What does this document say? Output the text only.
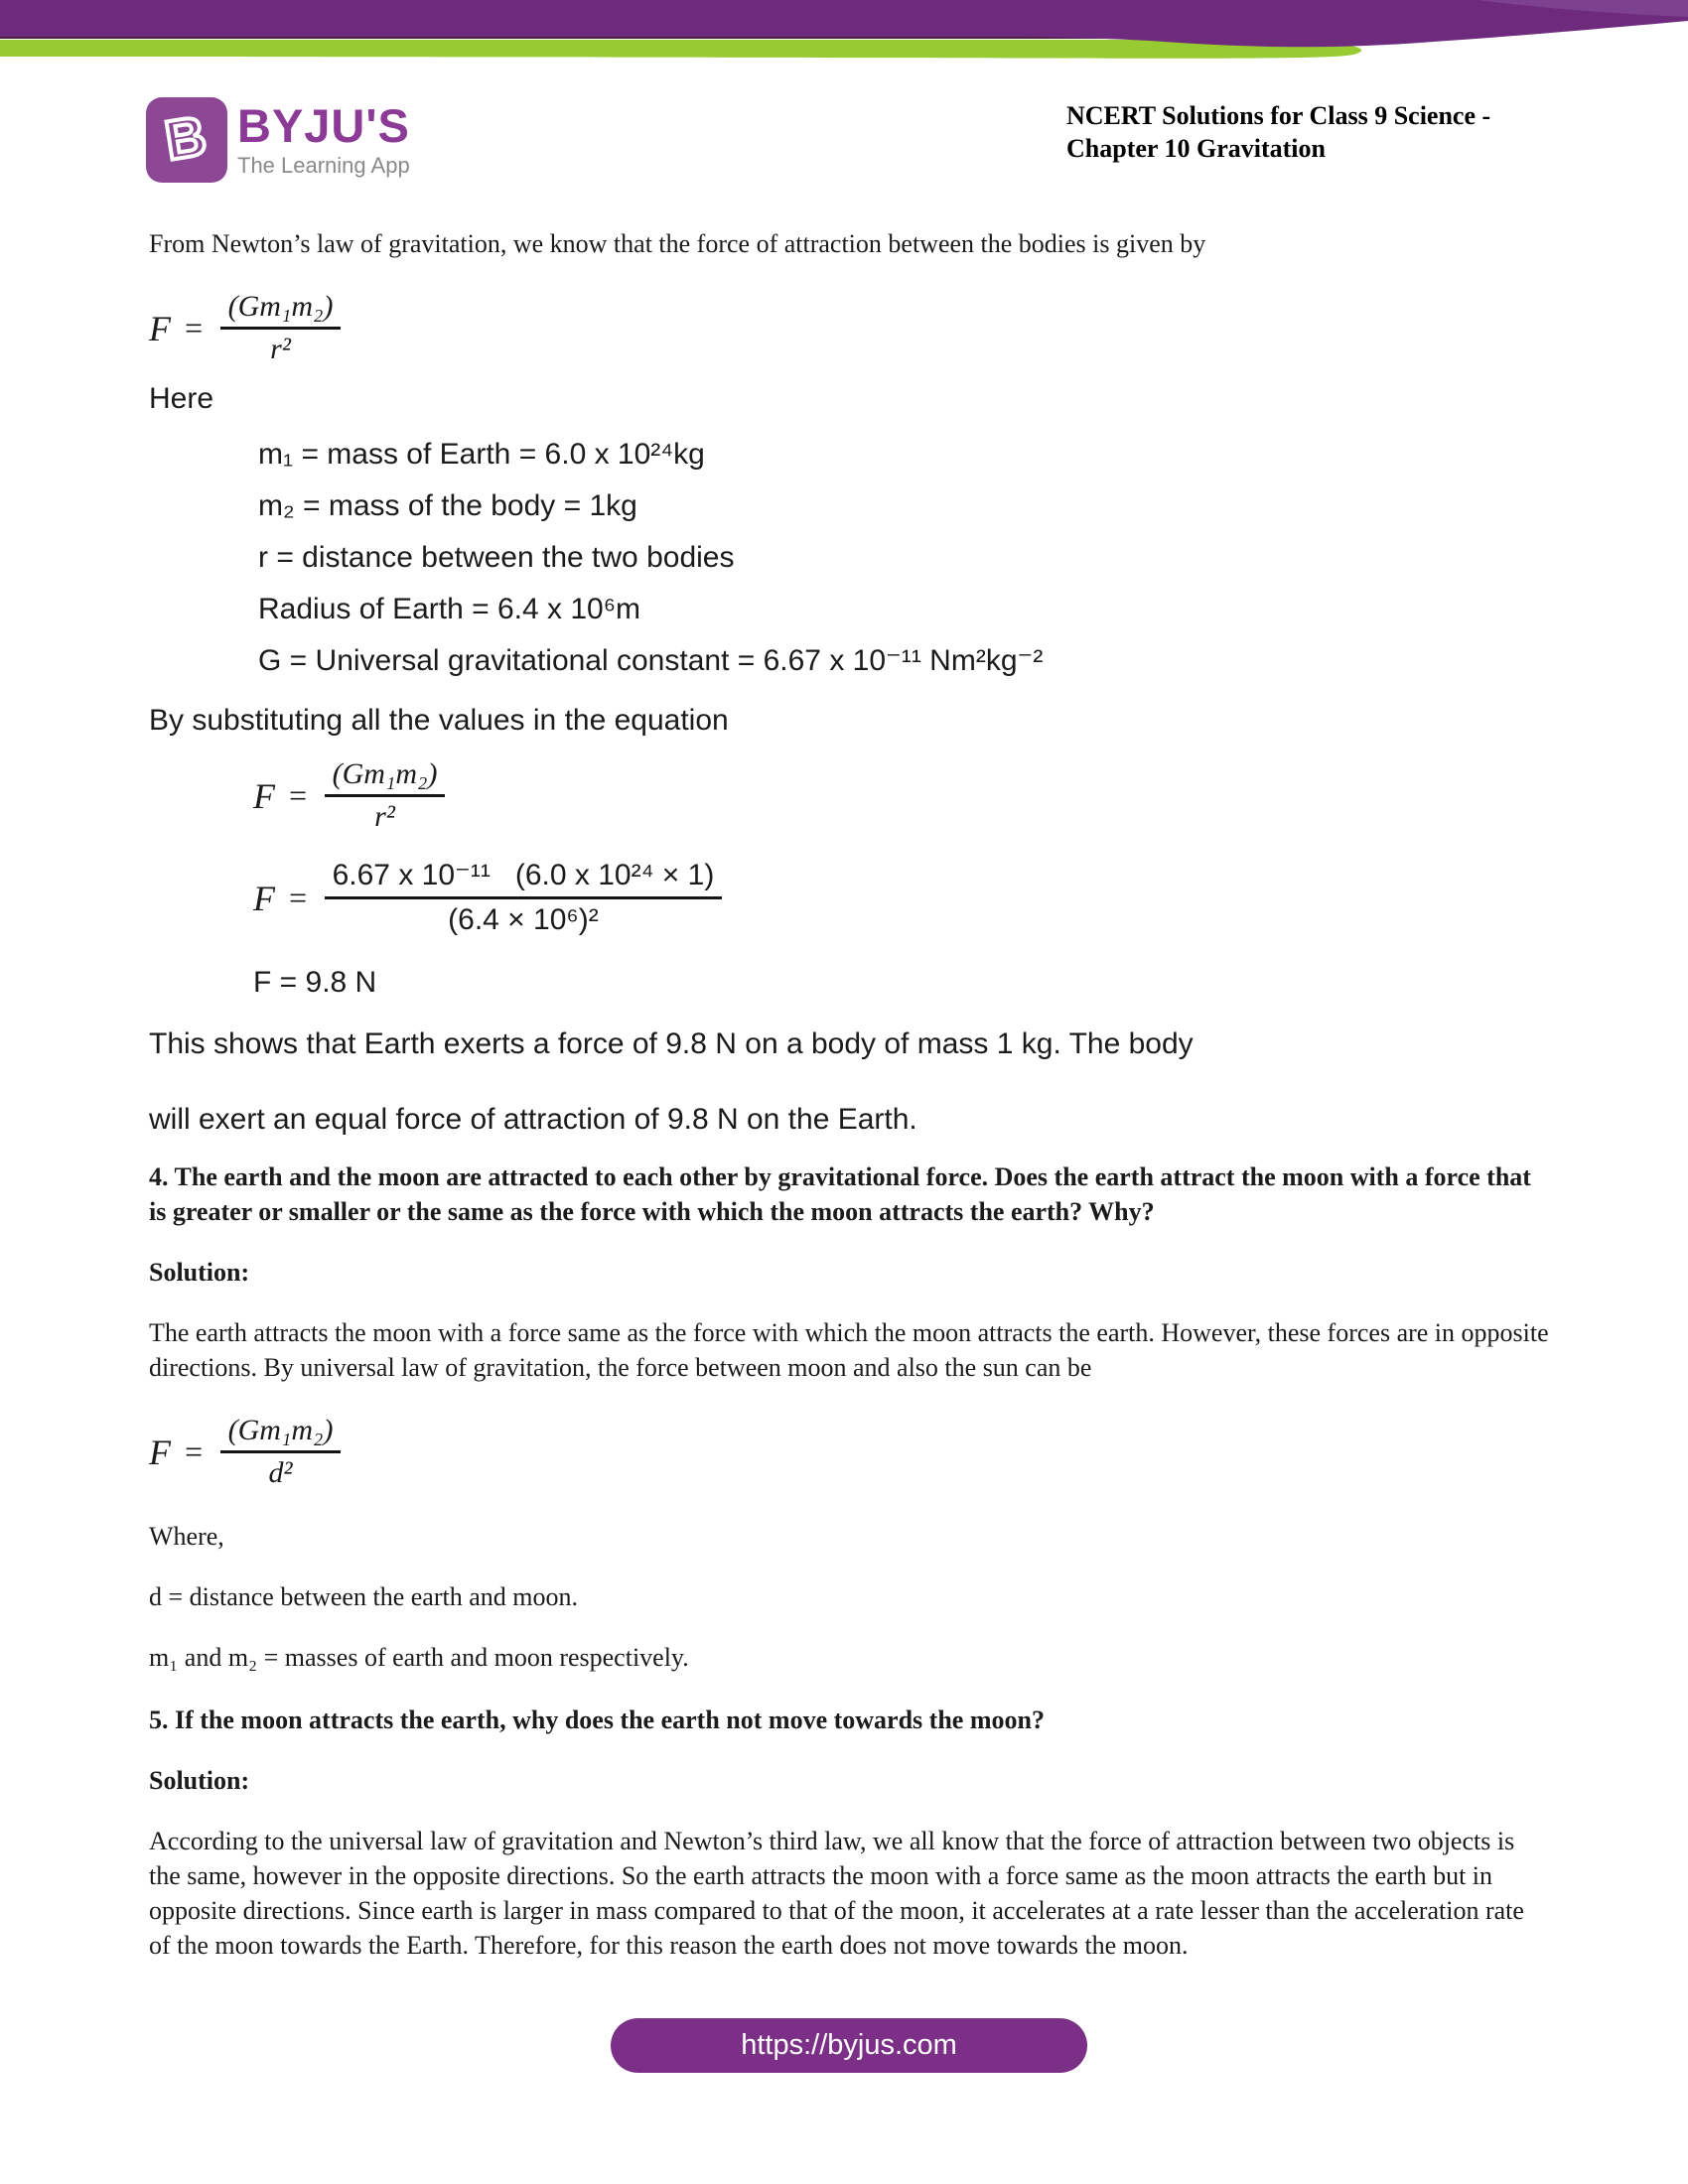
B BYJU'S
The Learning App
NCERT Solutions for Class 9 Science -
Chapter 10 Gravitation

From Newton’s law of gravitation, we know that the force of attraction between the bodies is given by

$F = \frac{\text{(Gm₁m₂)}}{\text{r²}}$
Here
m₁ = mass of Earth = 6.0 x 10²⁴kg
m₂ = mass of the body = 1kg
r = distance between the two bodies
Radius of Earth = 6.4 x 10⁶m
G = Universal gravitational constant = 6.67 x 10⁻¹¹ Nm²kg⁻²
By substituting all the values in the equation
$F = \frac{\text{(Gm₁m₂)}}{\text{r²}}$
$F = \frac{\text{6.67 x 10⁻¹¹   (6.0 x 10²⁴ × 1)}}{\text{(6.4 × 10⁶)²}}$
F = 9.8 N
This shows that Earth exerts a force of 9.8 N on a body of mass 1 kg. The body
will exert an equal force of attraction of 9.8 N on the Earth.

4. The earth and the moon are attracted to each other by gravitational force. Does the earth attract the moon with a force that is greater or smaller or the same as the force with which the moon attracts the earth? Why?

Solution:

The earth attracts the moon with a force same as the force with which the moon attracts the earth. However, these forces are in opposite directions. By universal law of gravitation, the force between moon and also the sun can be

$F = \frac{\text{(Gm₁m₂)}}{\text{d²}}$

Where,

d = distance between the earth and moon.

m₁ and m₂ = masses of earth and moon respectively.

5. If the moon attracts the earth, why does the earth not move towards the moon?

Solution:

According to the universal law of gravitation and Newton’s third law, we all know that the force of attraction between two objects is the same, however in the opposite directions. So the earth attracts the moon with a force same as the moon attracts the earth but in opposite directions. Since earth is larger in mass compared to that of the moon, it accelerates at a rate lesser than the acceleration rate of the moon towards the Earth. Therefore, for this reason the earth does not move towards the moon.

https://byjus.com
